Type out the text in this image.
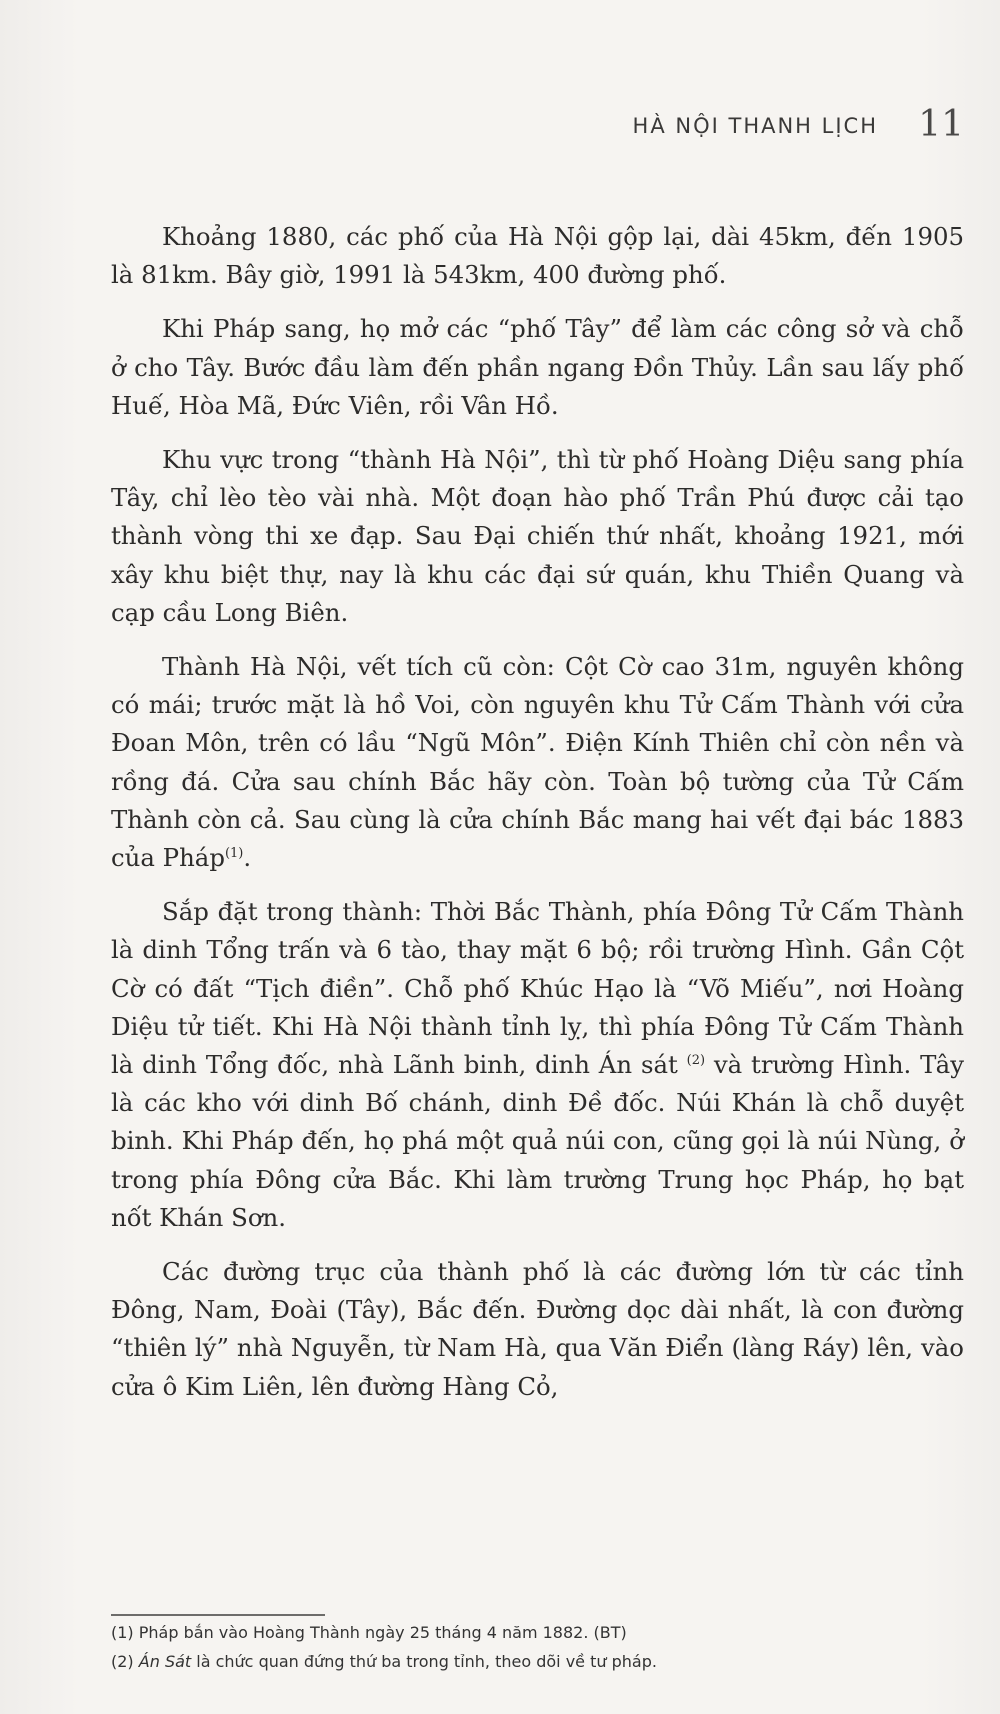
HÀ NỘI THANH LỊCH 11

Khoảng 1880, các phố của Hà Nội gộp lại, dài 45km, đến 1905 là 81km. Bây giờ, 1991 là 543km, 400 đường phố.

Khi Pháp sang, họ mở các “phố Tây” để làm các công sở và chỗ ở cho Tây. Bước đầu làm đến phần ngang Đồn Thủy. Lần sau lấy phố Huế, Hòa Mã, Đức Viên, rồi Vân Hồ.

Khu vực trong “thành Hà Nội”, thì từ phố Hoàng Diệu sang phía Tây, chỉ lèo tèo vài nhà. Một đoạn hào phố Trần Phú được cải tạo thành vòng thi xe đạp. Sau Đại chiến thứ nhất, khoảng 1921, mới xây khu biệt thự, nay là khu các đại sứ quán, khu Thiền Quang và cạp cầu Long Biên.

Thành Hà Nội, vết tích cũ còn: Cột Cờ cao 31m, nguyên không có mái; trước mặt là hồ Voi, còn nguyên khu Tử Cấm Thành với cửa Đoan Môn, trên có lầu “Ngũ Môn”. Điện Kính Thiên chỉ còn nền và rồng đá. Cửa sau chính Bắc hãy còn. Toàn bộ tường của Tử Cấm Thành còn cả. Sau cùng là cửa chính Bắc mang hai vết đại bác 1883 của Pháp$^{(1)}$.

Sắp đặt trong thành: Thời Bắc Thành, phía Đông Tử Cấm Thành là dinh Tổng trấn và 6 tào, thay mặt 6 bộ; rồi trường Hình. Gần Cột Cờ có đất “Tịch điền”. Chỗ phố Khúc Hạo là “Võ Miếu”, nơi Hoàng Diệu tử tiết. Khi Hà Nội thành tỉnh lỵ, thì phía Đông Tử Cấm Thành là dinh Tổng đốc, nhà Lãnh binh, dinh Án sát $^{(2)}$ và trường Hình. Tây là các kho với dinh Bố chánh, dinh Đề đốc. Núi Khán là chỗ duyệt binh. Khi Pháp đến, họ phá một quả núi con, cũng gọi là núi Nùng, ở trong phía Đông cửa Bắc. Khi làm trường Trung học Pháp, họ bạt nốt Khán Sơn.

Các đường trục của thành phố là các đường lớn từ các tỉnh Đông, Nam, Đoài (Tây), Bắc đến. Đường dọc dài nhất, là con đường “thiên lý” nhà Nguyễn, từ Nam Hà, qua Văn Điển (làng Ráy) lên, vào cửa ô Kim Liên, lên đường Hàng Cỏ,

(1) Pháp bắn vào Hoàng Thành ngày 25 tháng 4 năm 1882. (BT)
(2) Án Sát là chức quan đứng thứ ba trong tỉnh, theo dõi về tư pháp.
